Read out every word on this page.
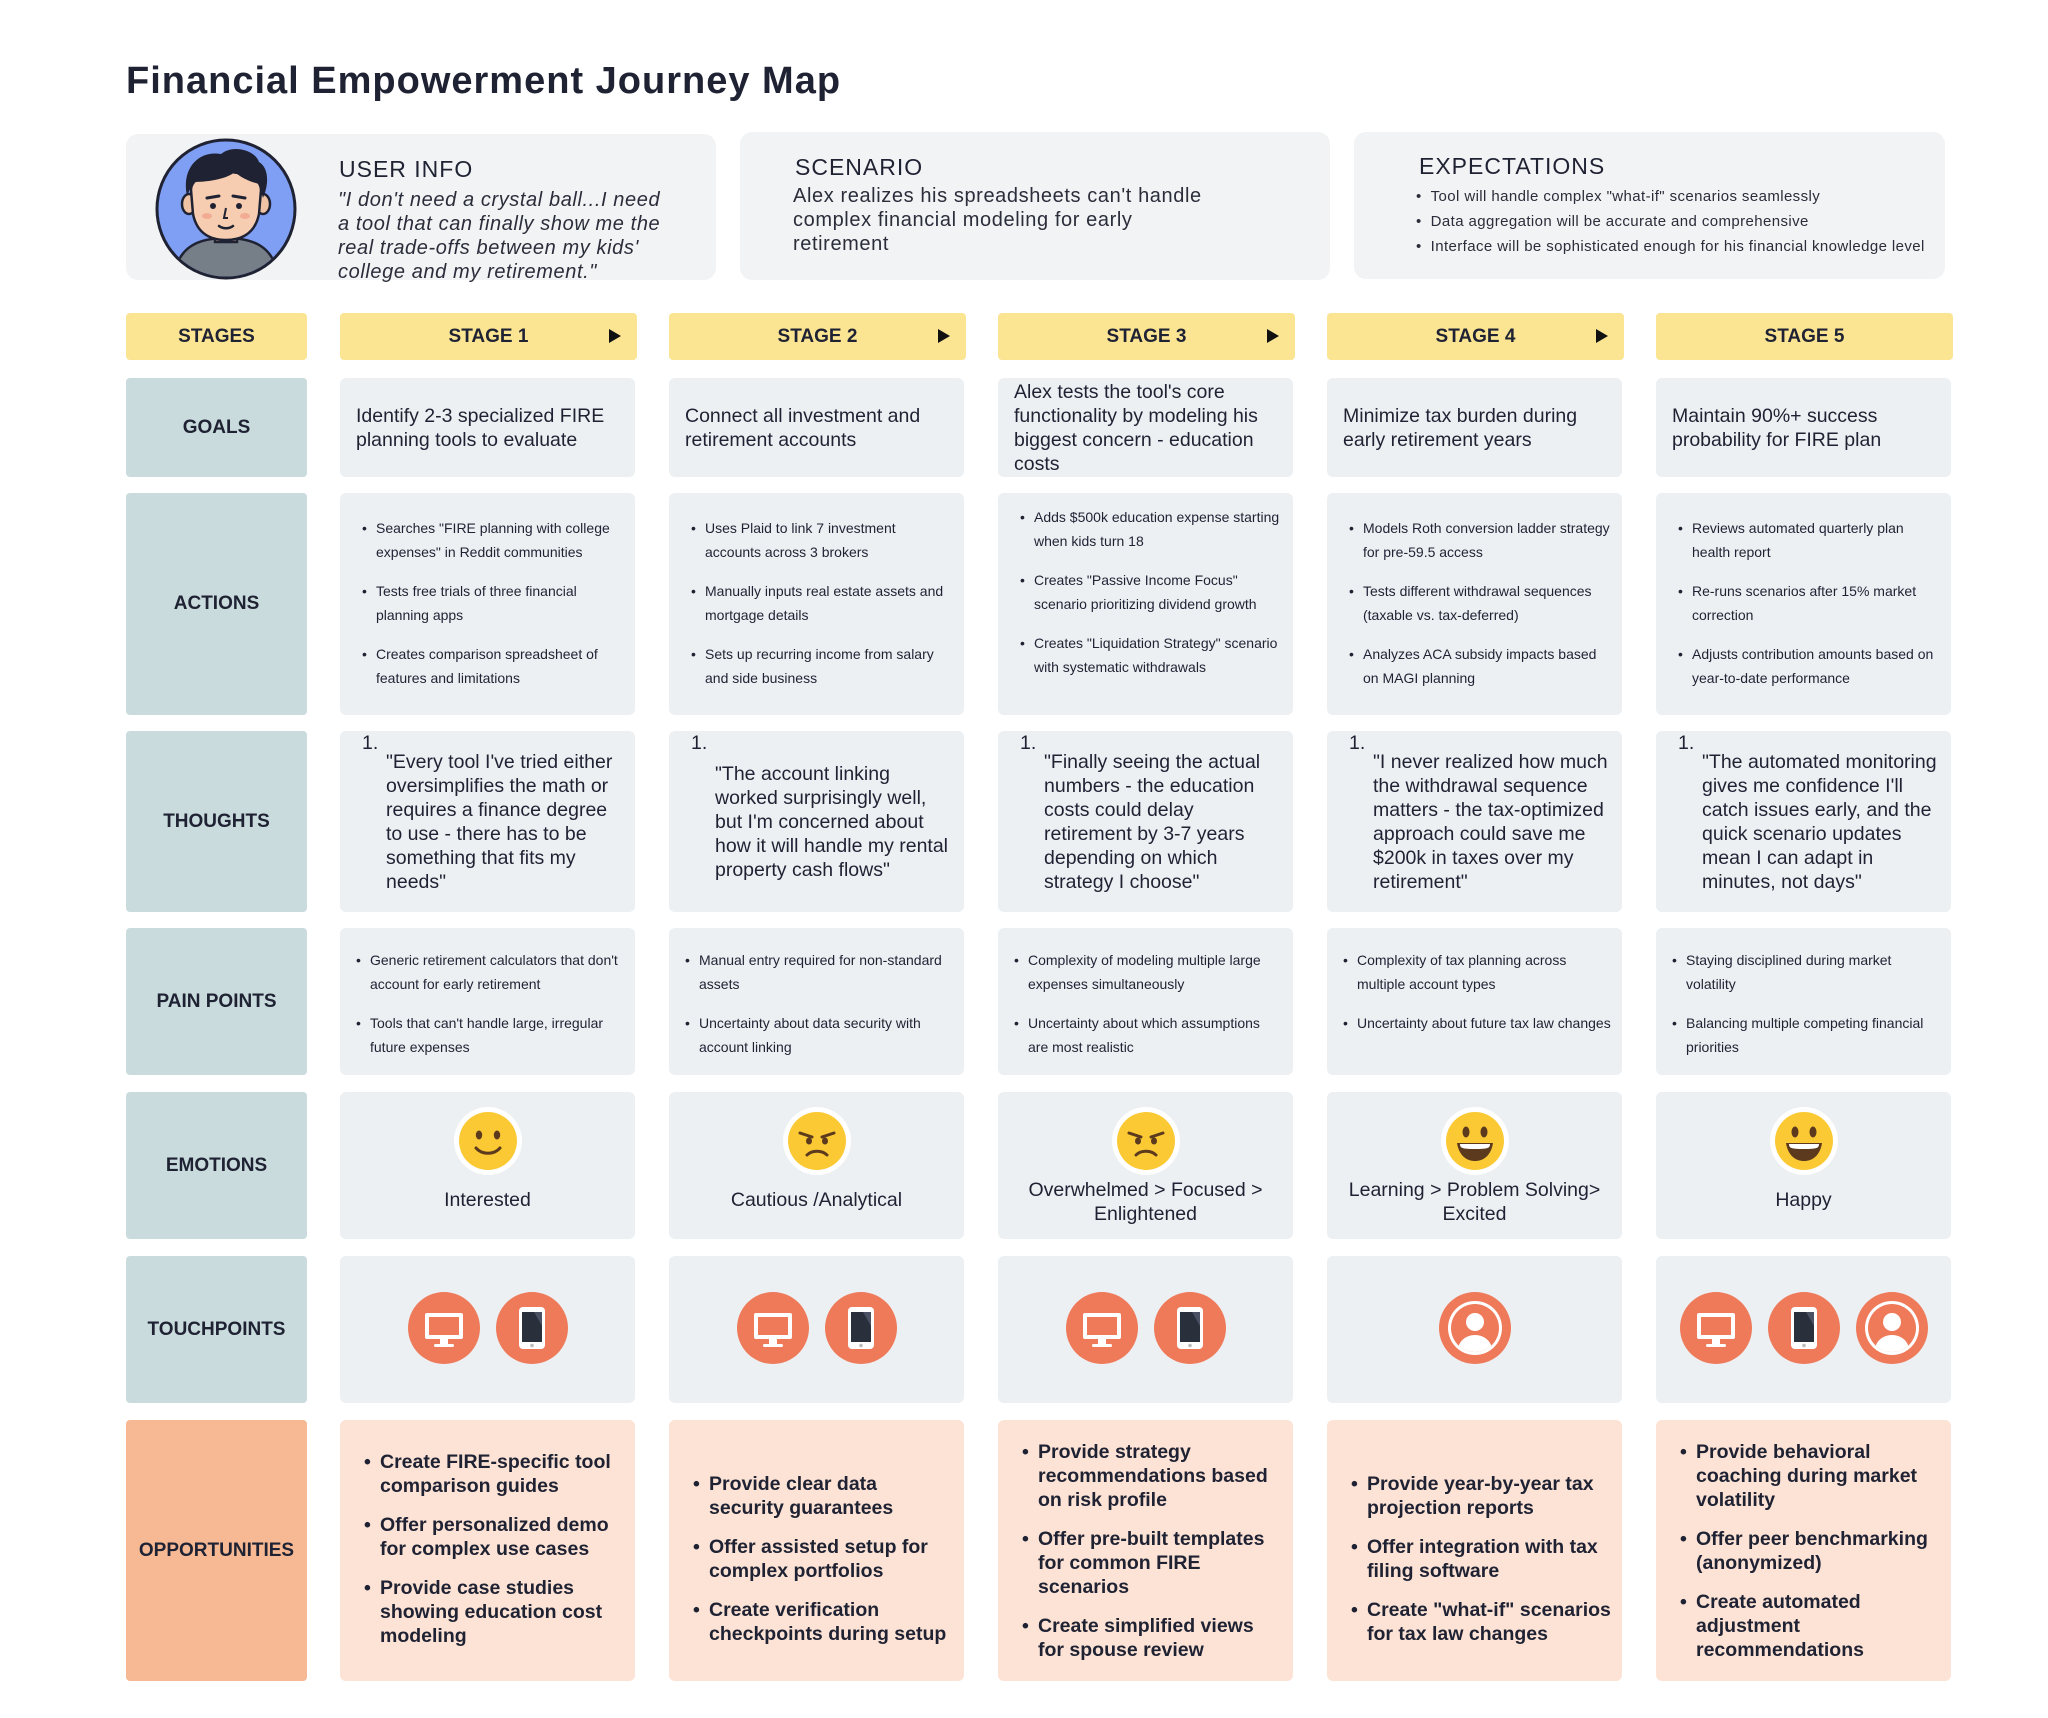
Financial Empowerment Journey Map
USER INFO
"I don't need a crystal ball...I need a tool that can finally show me the real trade-offs between my kids' college and my retirement."
SCENARIO
Alex realizes his spreadsheets can't handle complex financial modeling for early retirement
EXPECTATIONS
• Tool will handle complex "what-if" scenarios seamlessly
• Data aggregation will be accurate and comprehensive
• Interface will be sophisticated enough for his financial knowledge level
STAGES
GOALS
ACTIONS
THOUGHTS
PAIN POINTS
EMOTIONS
TOUCHPOINTS
OPPORTUNITIES
STAGE 1
Identify 2-3 specialized FIRE planning tools to evaluate
• Searches "FIRE planning with college expenses" in Reddit communities
• Tests free trials of three financial planning apps
• Creates comparison spreadsheet of features and limitations
1.
"Every tool I've tried either oversimplifies the math or requires a finance degree to use - there has to be something that fits my needs"
• Generic retirement calculators that don't account for early retirement
• Tools that can't handle large, irregular future expenses
Interested
• Create FIRE-specific tool comparison guides
• Offer personalized demo for complex use cases
• Provide case studies showing education cost modeling
STAGE 2
Connect all investment and retirement accounts
• Uses Plaid to link 7 investment accounts across 3 brokers
• Manually inputs real estate assets and mortgage details
• Sets up recurring income from salary and side business
1.
"The account linking worked surprisingly well, but I'm concerned about how it will handle my rental property cash flows"
• Manual entry required for non-standard assets
• Uncertainty about data security with account linking
Cautious /Analytical
• Provide clear data security guarantees
• Offer assisted setup for complex portfolios
• Create verification checkpoints during setup
STAGE 3
Alex tests the tool's core functionality by modeling his biggest concern - education costs
• Adds $500k education expense starting when kids turn 18
• Creates "Passive Income Focus" scenario prioritizing dividend growth
• Creates "Liquidation Strategy" scenario with systematic withdrawals
1.
"Finally seeing the actual numbers - the education costs could delay retirement by 3-7 years depending on which strategy I choose"
• Complexity of modeling multiple large expenses simultaneously
• Uncertainty about which assumptions are most realistic
Overwhelmed > Focused > Enlightened
• Provide strategy recommendations based on risk profile
• Offer pre-built templates for common FIRE scenarios
• Create simplified views for spouse review
STAGE 4
Minimize tax burden during early retirement years
• Models Roth conversion ladder strategy for pre-59.5 access
• Tests different withdrawal sequences (taxable vs. tax-deferred)
• Analyzes ACA subsidy impacts based on MAGI planning
1.
"I never realized how much the withdrawal sequence matters - the tax-optimized approach could save me $200k in taxes over my retirement"
• Complexity of tax planning across multiple account types
• Uncertainty about future tax law changes
Learning > Problem Solving> Excited
• Provide year-by-year tax projection reports
• Offer integration with tax filing software
• Create "what-if" scenarios for tax law changes
STAGE 5
Maintain 90%+ success probability for FIRE plan
• Reviews automated quarterly plan health report
• Re-runs scenarios after 15% market correction
• Adjusts contribution amounts based on year-to-date performance
1.
"The automated monitoring gives me confidence I'll catch issues early, and the quick scenario updates mean I can adapt in minutes, not days"
• Staying disciplined during market volatility
• Balancing multiple competing financial priorities
Happy
• Provide behavioral coaching during market volatility
• Offer peer benchmarking (anonymized)
• Create automated adjustment recommendations
